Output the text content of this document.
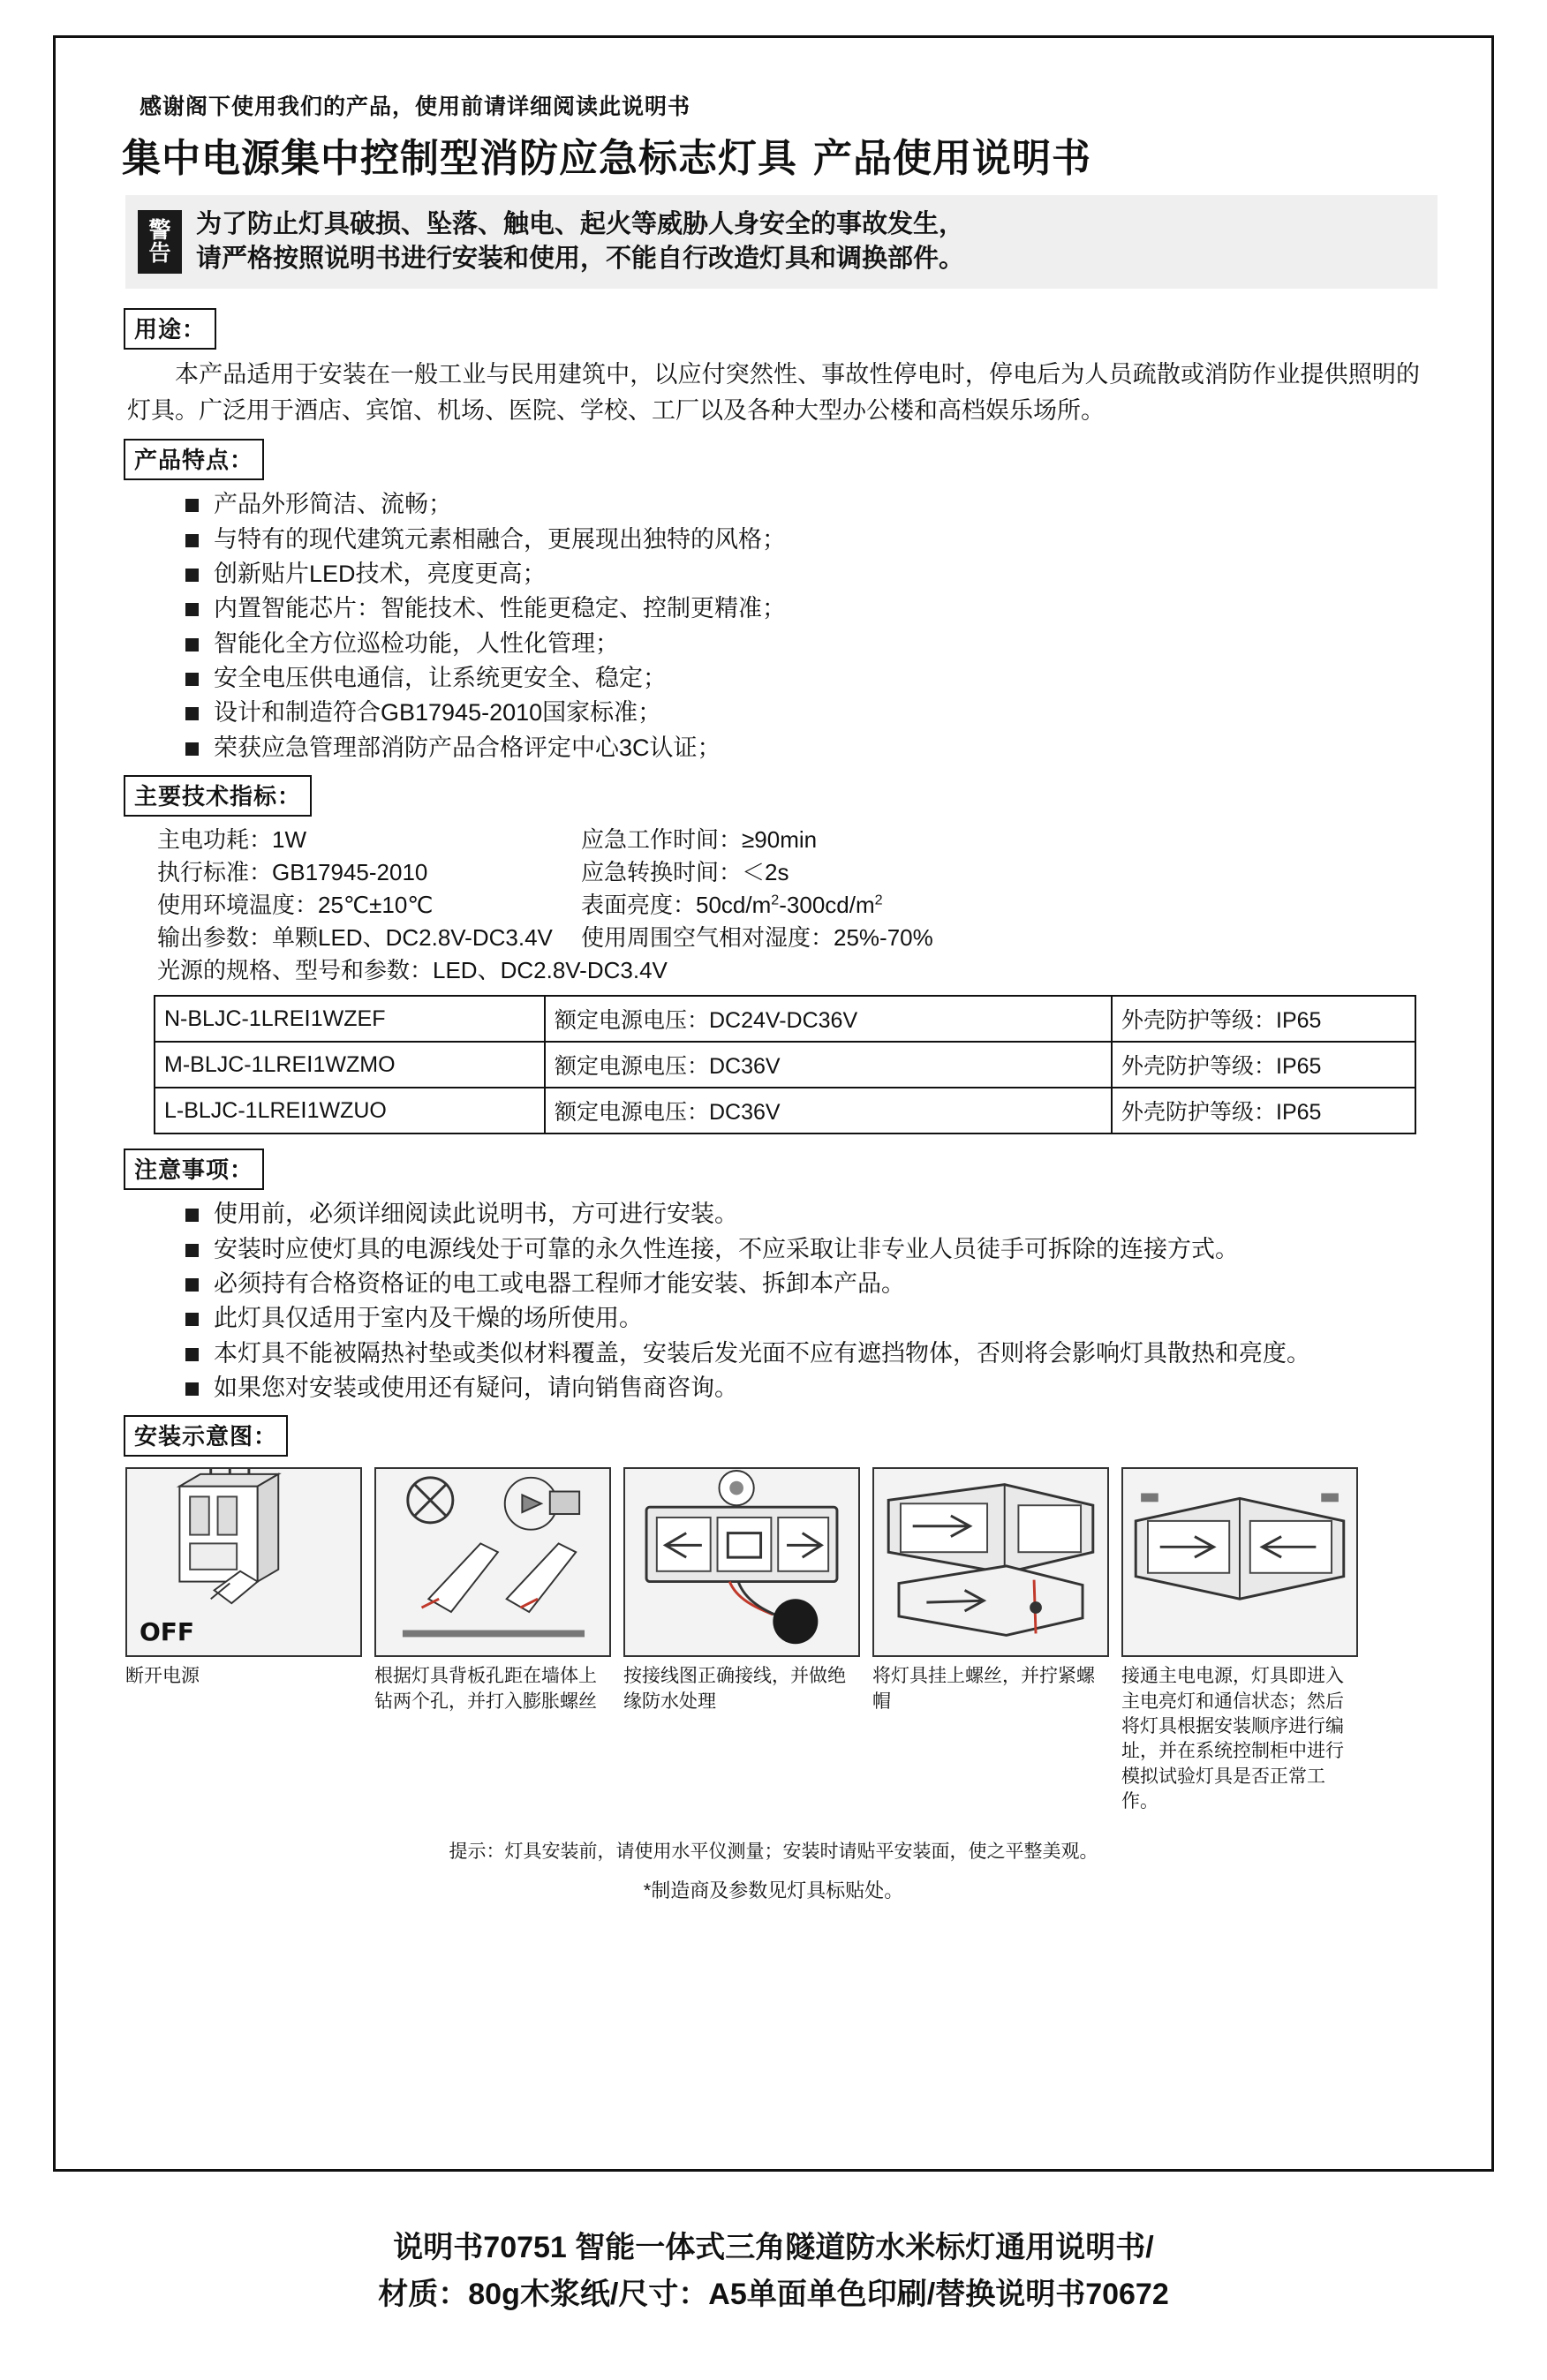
感谢阁下使用我们的产品，使用前请详细阅读此说明书
集中电源集中控制型消防应急标志灯具 产品使用说明书
警
告
为了防止灯具破损、坠落、触电、起火等威胁人身安全的事故发生，
请严格按照说明书进行安装和使用，不能自行改造灯具和调换部件。
用途：
本产品适用于安装在一般工业与民用建筑中，以应付突然性、事故性停电时，停电后为人员疏散或消防作业提供照明的灯具。广泛用于酒店、宾馆、机场、医院、学校、工厂以及各种大型办公楼和高档娱乐场所。
产品特点：
产品外形简洁、流畅；
与特有的现代建筑元素相融合，更展现出独特的风格；
创新贴片LED技术，亮度更高；
内置智能芯片：智能技术、性能更稳定、控制更精准；
智能化全方位巡检功能，人性化管理；
安全电压供电通信，让系统更安全、稳定；
设计和制造符合GB17945-2010国家标准；
荣获应急管理部消防产品合格评定中心3C认证；
主要技术指标：
主电功耗：1W	应急工作时间：≥90min
执行标准：GB17945-2010	应急转换时间：＜2s
使用环境温度：25℃±10℃	表面亮度：$50cd/m^2-300cd/m^2$
输出参数：单颗LED、DC2.8V-DC3.4V	使用周围空气相对湿度：25%-70%
光源的规格、型号和参数：LED、DC2.8V-DC3.4V
N-BLJC-1LREⅠ1WZEF	额定电源电压：DC24V-DC36V	外壳防护等级：IP65
M-BLJC-1LREⅠ1WZMO	额定电源电压：DC36V	外壳防护等级：IP65
L-BLJC-1LREⅠ1WZUO	额定电源电压：DC36V	外壳防护等级：IP65
注意事项：
使用前，必须详细阅读此说明书，方可进行安装。
安装时应使灯具的电源线处于可靠的永久性连接，不应采取让非专业人员徒手可拆除的连接方式。
必须持有合格资格证的电工或电器工程师才能安装、拆卸本产品。
此灯具仅适用于室内及干燥的场所使用。
本灯具不能被隔热衬垫或类似材料覆盖，安装后发光面不应有遮挡物体，否则将会影响灯具散热和亮度。
如果您对安装或使用还有疑问，请向销售商咨询。
安装示意图：
OFF
断开电源	根据灯具背板孔距在墙体上钻两个孔，并打入膨胀螺丝
按接线图正确接线，并做绝缘防水处理
将灯具挂上螺丝，并拧紧螺帽
接通主电电源，灯具即进入主电亮灯和通信状态；然后将灯具根据安装顺序进行编址，并在系统控制柜中进行模拟试验灯具是否正常工作。
提示：灯具安装前，请使用水平仪测量；安装时请贴平安装面，使之平整美观。
*制造商及参数见灯具标贴处。
说明书70751 智能一体式三角隧道防水米标灯通用说明书/
材质：80g木浆纸/尺寸：A5单面单色印刷/替换说明书70672
